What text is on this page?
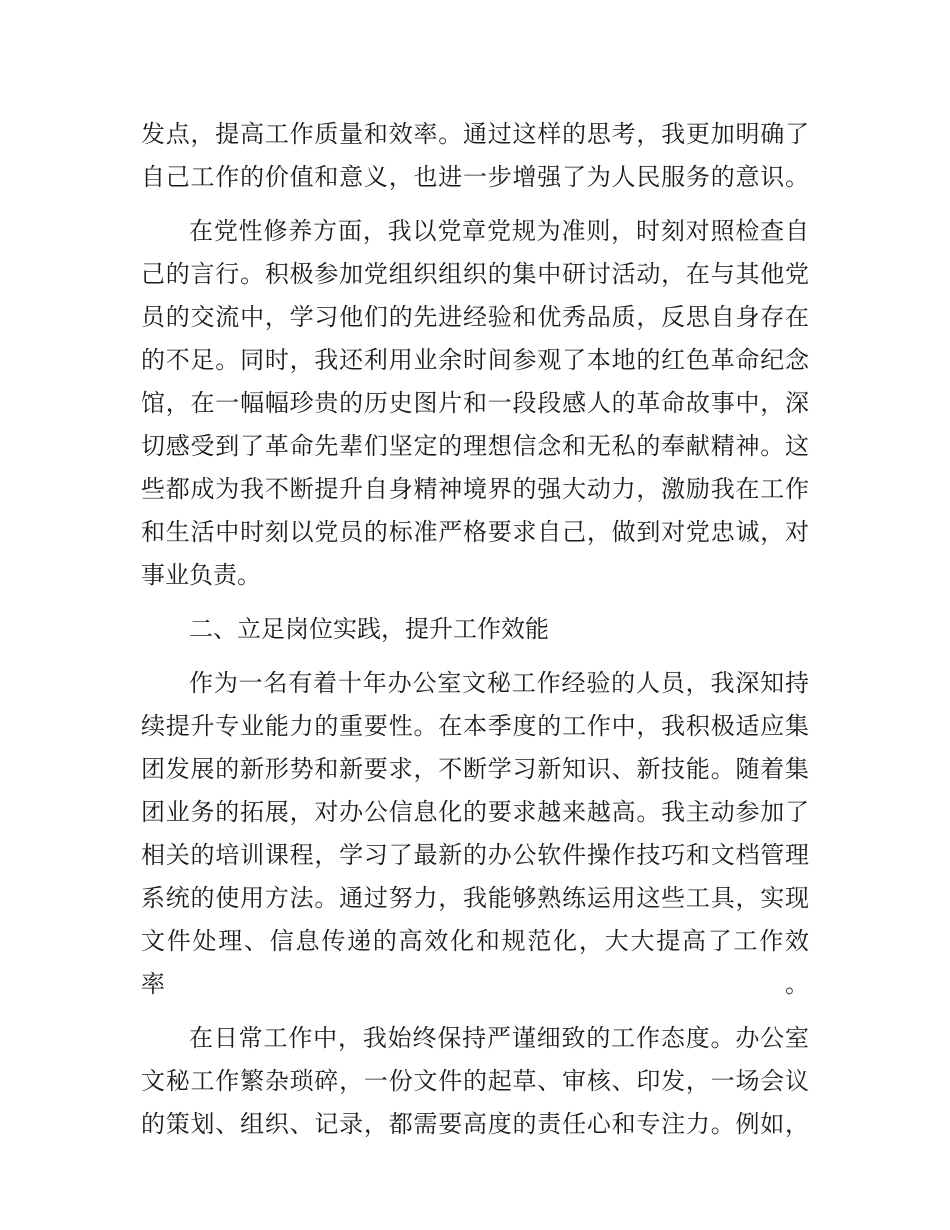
发点，提高工作质量和效率。通过这样的思考，我更加明确了
自己工作的价值和意义，也进一步增强了为人民服务的意识。
在党性修养方面，我以党章党规为准则，时刻对照检查自
己的言行。积极参加党组织组织的集中研讨活动，在与其他党
员的交流中，学习他们的先进经验和优秀品质，反思自身存在
的不足。同时，我还利用业余时间参观了本地的红色革命纪念
馆，在一幅幅珍贵的历史图片和一段段感人的革命故事中，深
切感受到了革命先辈们坚定的理想信念和无私的奉献精神。这
些都成为我不断提升自身精神境界的强大动力，激励我在工作
和生活中时刻以党员的标准严格要求自己，做到对党忠诚，对
事业负责。
二、立足岗位实践，提升工作效能
作为一名有着十年办公室文秘工作经验的人员，我深知持
续提升专业能力的重要性。在本季度的工作中，我积极适应集
团发展的新形势和新要求，不断学习新知识、新技能。随着集
团业务的拓展，对办公信息化的要求越来越高。我主动参加了
相关的培训课程，学习了最新的办公软件操作技巧和文档管理
系统的使用方法。通过努力，我能够熟练运用这些工具，实现
文件处理、信息传递的高效化和规范化，大大提高了工作效率。
在日常工作中，我始终保持严谨细致的工作态度。办公室
文秘工作繁杂琐碎，一份文件的起草、审核、印发，一场会议
的策划、组织、记录，都需要高度的责任心和专注力。例如，
